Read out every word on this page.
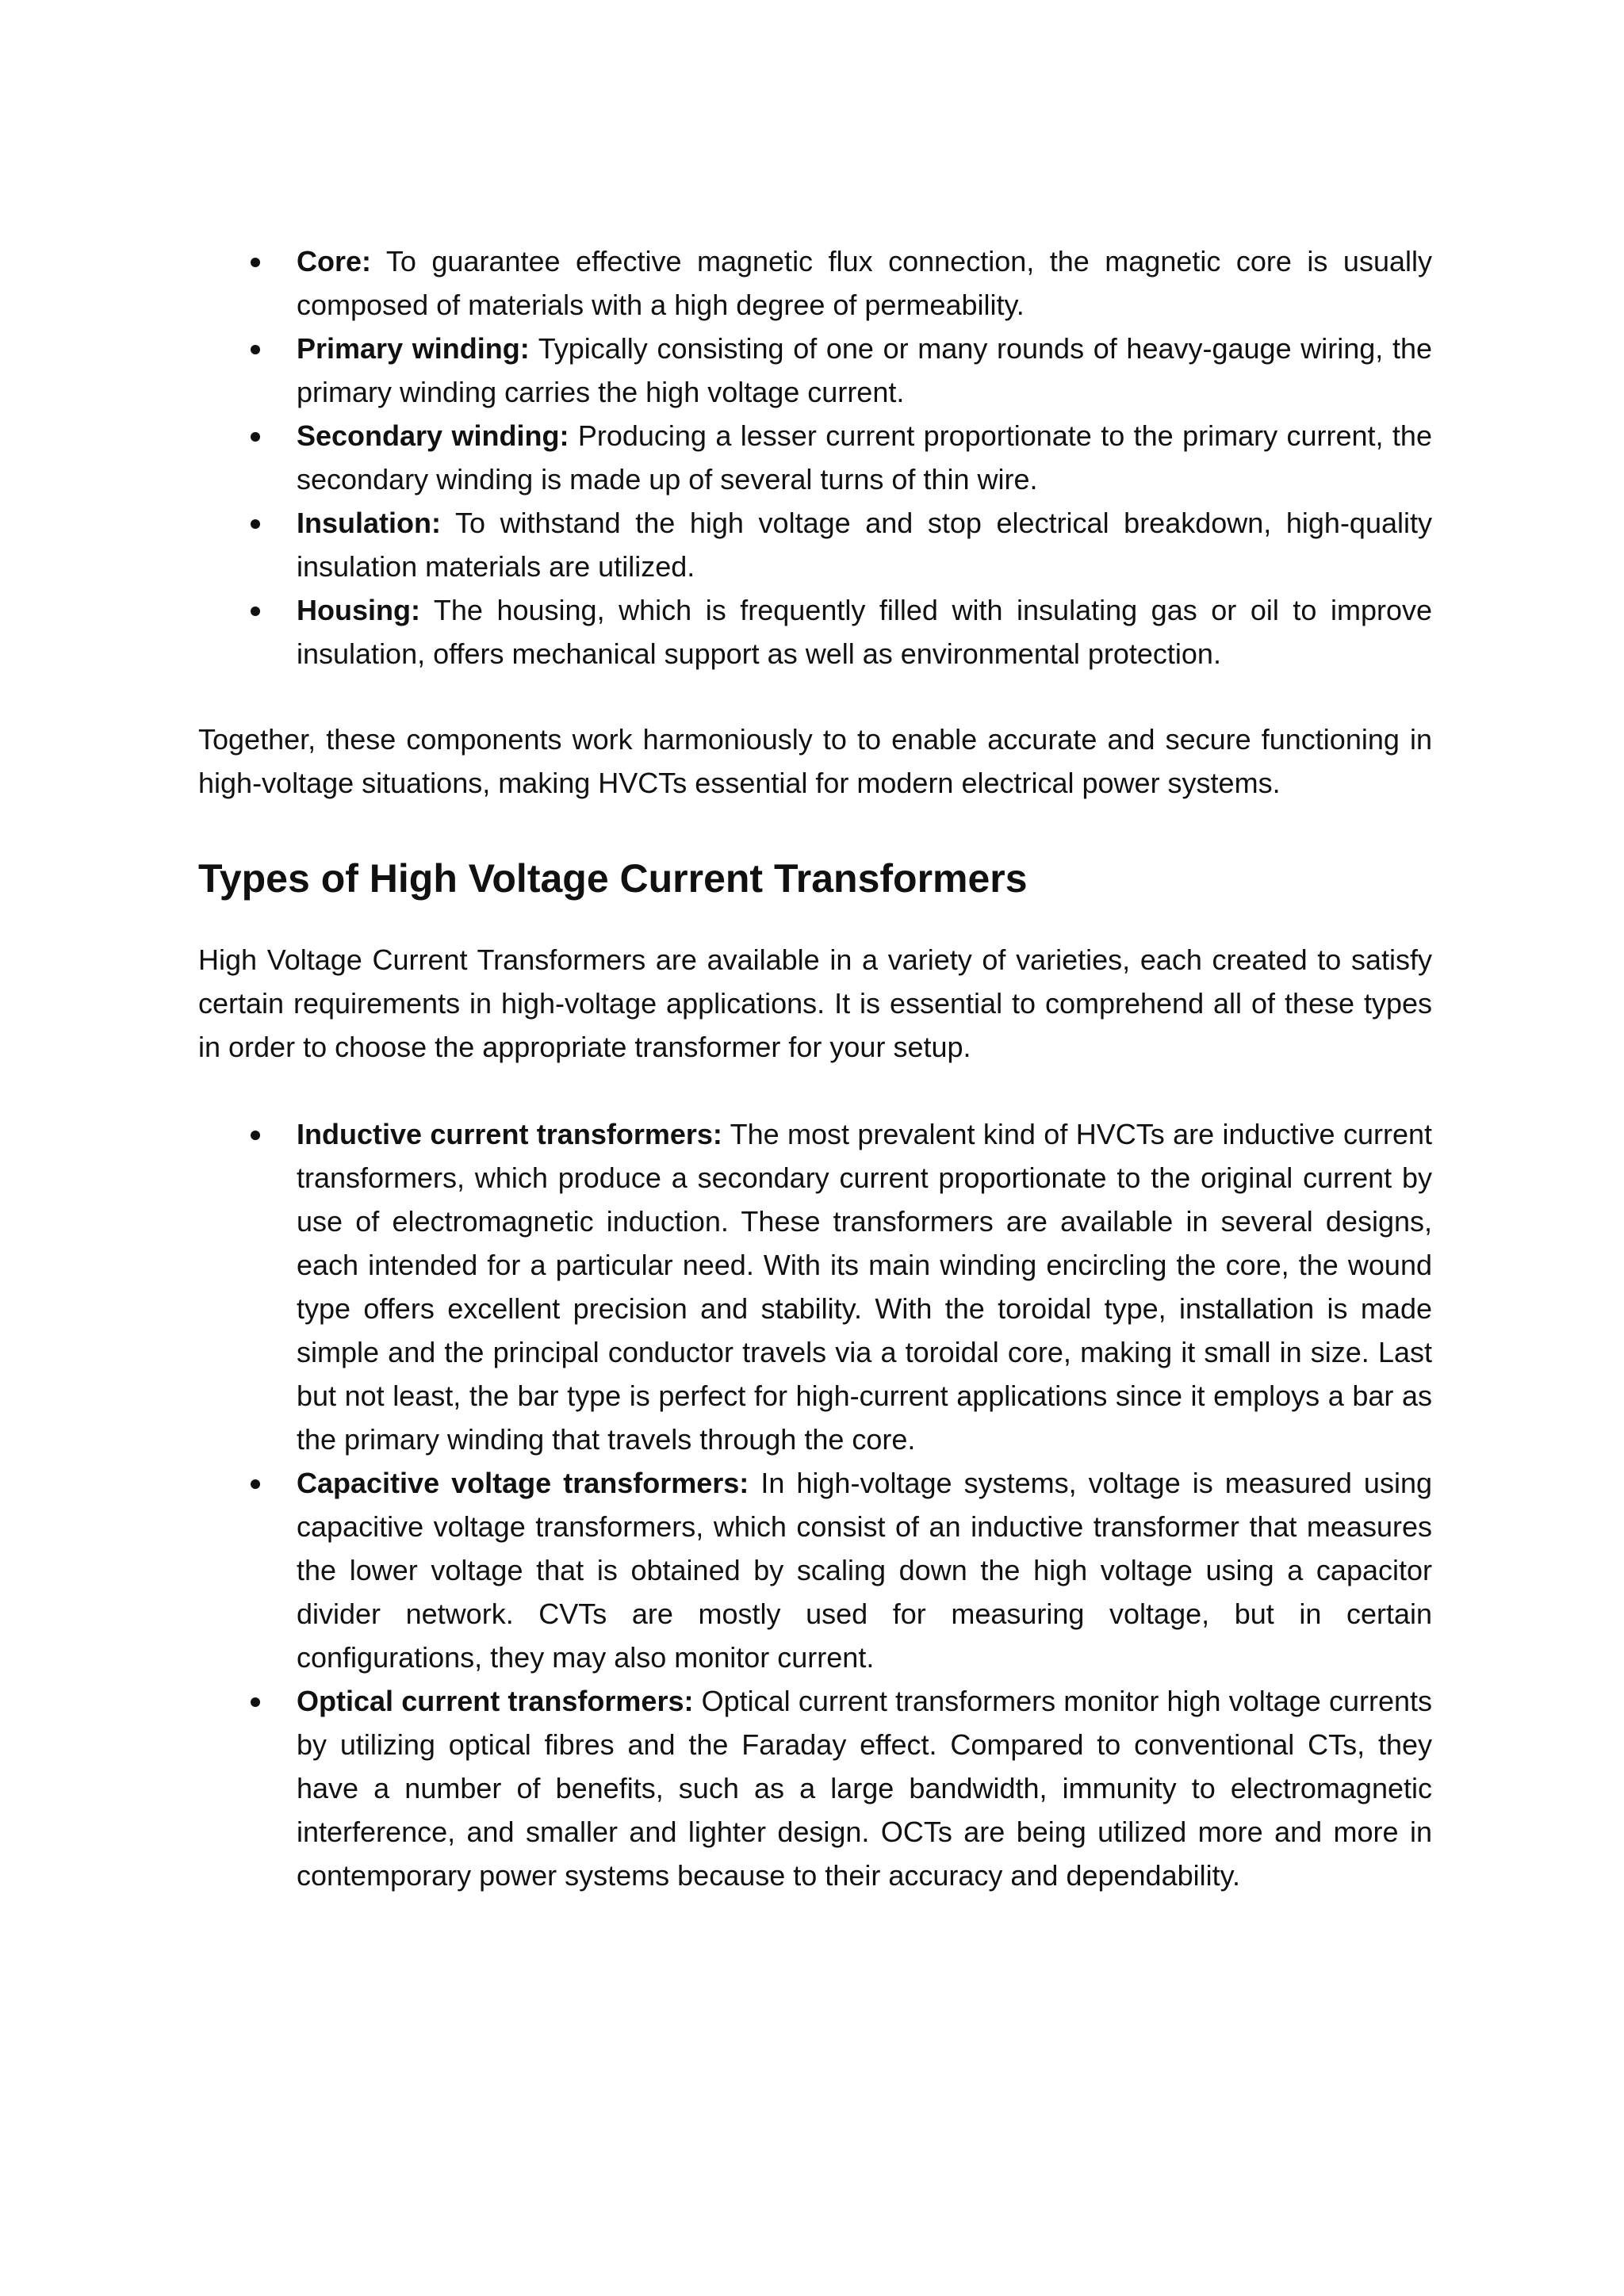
Core: To guarantee effective magnetic flux connection, the magnetic core is usually composed of materials with a high degree of permeability.
Primary winding: Typically consisting of one or many rounds of heavy-gauge wiring, the primary winding carries the high voltage current.
Secondary winding: Producing a lesser current proportionate to the primary current, the secondary winding is made up of several turns of thin wire.
Insulation: To withstand the high voltage and stop electrical breakdown, high-quality insulation materials are utilized.
Housing: The housing, which is frequently filled with insulating gas or oil to improve insulation, offers mechanical support as well as environmental protection.

Together, these components work harmoniously to to enable accurate and secure functioning in high-voltage situations, making HVCTs essential for modern electrical power systems.

Types of High Voltage Current Transformers

High Voltage Current Transformers are available in a variety of varieties, each created to satisfy certain requirements in high-voltage applications. It is essential to comprehend all of these types in order to choose the appropriate transformer for your setup.

Inductive current transformers: The most prevalent kind of HVCTs are inductive current transformers, which produce a secondary current proportionate to the original current by use of electromagnetic induction. These transformers are available in several designs, each intended for a particular need. With its main winding encircling the core, the wound type offers excellent precision and stability. With the toroidal type, installation is made simple and the principal conductor travels via a toroidal core, making it small in size. Last but not least, the bar type is perfect for high-current applications since it employs a bar as the primary winding that travels through the core.
Capacitive voltage transformers: In high-voltage systems, voltage is measured using capacitive voltage transformers, which consist of an inductive transformer that measures the lower voltage that is obtained by scaling down the high voltage using a capacitor divider network. CVTs are mostly used for measuring voltage, but in certain configurations, they may also monitor current.
Optical current transformers: Optical current transformers monitor high voltage currents by utilizing optical fibres and the Faraday effect. Compared to conventional CTs, they have a number of benefits, such as a large bandwidth, immunity to electromagnetic interference, and smaller and lighter design. OCTs are being utilized more and more in contemporary power systems because to their accuracy and dependability.
